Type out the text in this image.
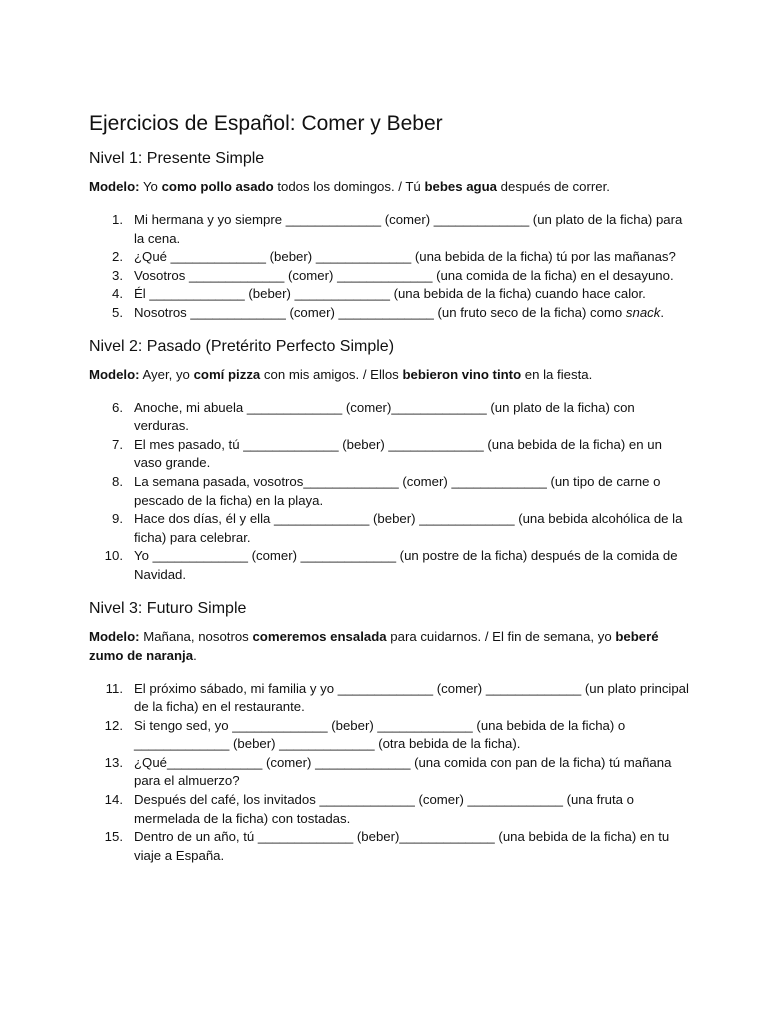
Ejercicios de Español: Comer y Beber
Nivel 1: Presente Simple

Modelo: Yo como pollo asado todos los domingos. / Tú bebes agua después de correr.

1. Mi hermana y yo siempre _____________ (comer) _____________ (un plato de la ficha) para la cena.
2. ¿Qué _____________ (beber) _____________ (una bebida de la ficha) tú por las mañanas?
3. Vosotros _____________ (comer) _____________ (una comida de la ficha) en el desayuno.
4. Él _____________ (beber) _____________ (una bebida de la ficha) cuando hace calor.
5. Nosotros _____________ (comer) _____________ (un fruto seco de la ficha) como snack.
Nivel 2: Pasado (Pretérito Perfecto Simple)

Modelo: Ayer, yo comí pizza con mis amigos. / Ellos bebieron vino tinto en la fiesta.

6. Anoche, mi abuela _____________ (comer)_____________ (un plato de la ficha) con verduras.
7. El mes pasado, tú _____________ (beber) _____________ (una bebida de la ficha) en un vaso grande.
8. La semana pasada, vosotros_____________ (comer) _____________ (un tipo de carne o pescado de la ficha) en la playa.
9. Hace dos días, él y ella _____________ (beber) _____________ (una bebida alcohólica de la ficha) para celebrar.
10. Yo _____________ (comer) _____________ (un postre de la ficha) después de la comida de Navidad.
Nivel 3: Futuro Simple

Modelo: Mañana, nosotros comeremos ensalada para cuidarnos. / El fin de semana, yo beberé zumo de naranja.

11. El próximo sábado, mi familia y yo _____________ (comer) _____________ (un plato principal de la ficha) en el restaurante.
12. Si tengo sed, yo _____________ (beber) _____________ (una bebida de la ficha) o _____________ (beber) _____________ (otra bebida de la ficha).
13. ¿Qué_____________ (comer) _____________ (una comida con pan de la ficha) tú mañana para el almuerzo?
14. Después del café, los invitados _____________ (comer) _____________ (una fruta o mermelada de la ficha) con tostadas.
15. Dentro de un año, tú _____________ (beber)_____________ (una bebida de la ficha) en tu viaje a España.
